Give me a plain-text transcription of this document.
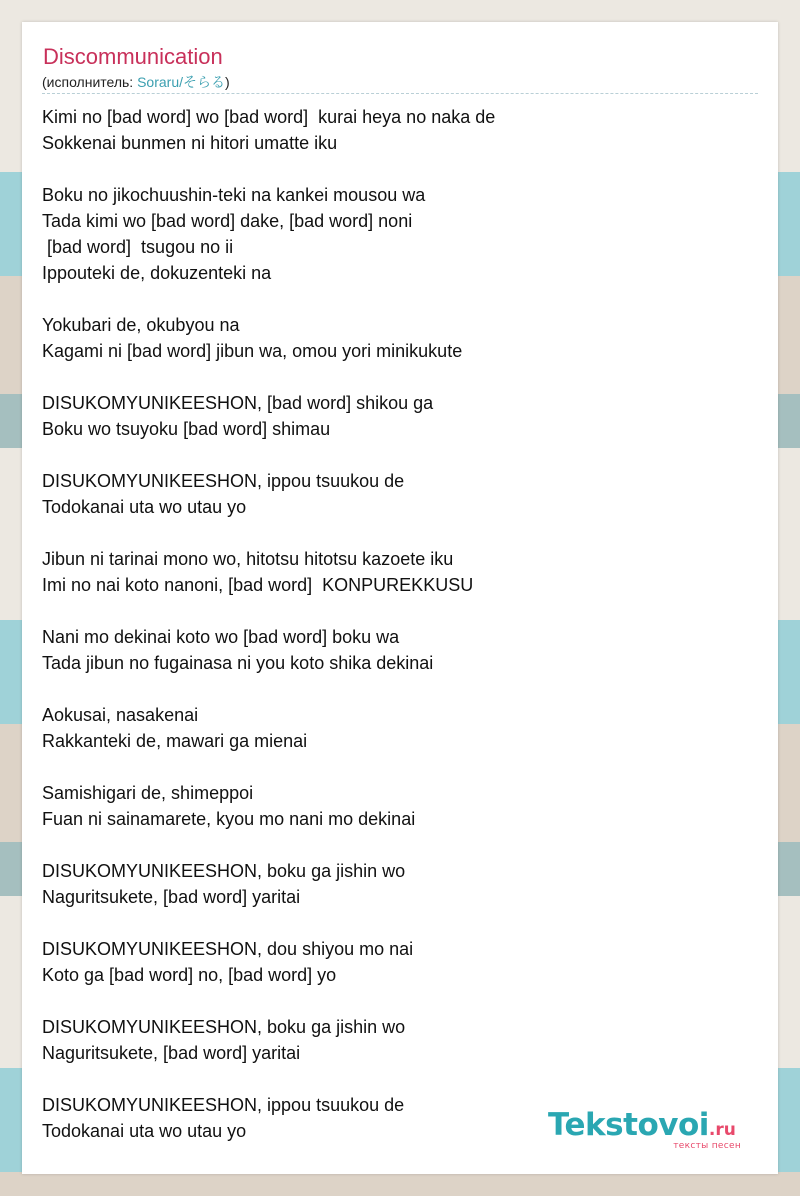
Discommunication
(исполнитель: Soraru/そらる)
Kimi no [bad word] wo [bad word]  kurai heya no naka de
Sokkenai bunmen ni hitori umatte iku
Boku no jikochuushin-teki na kankei mousou wa
Tada kimi wo [bad word] dake, [bad word] noni
[bad word]  tsugou no ii
Ippouteki de, dokuzenteki na
Yokubari de, okubyou na
Kagami ni [bad word] jibun wa, omou yori minikukute
DISUKOMYUNIKEESHON, [bad word] shikou ga
Boku wo tsuyoku [bad word] shimau
DISUKOMYUNIKEESHON, ippou tsuukou de
Todokanai uta wo utau yo
Jibun ni tarinai mono wo, hitotsu hitotsu kazoete iku
Imi no nai koto nanoni, [bad word]  KONPUREKKUSU
Nani mo dekinai koto wo [bad word] boku wa
Tada jibun no fugainasa ni you koto shika dekinai
Aokusai, nasakenai
Rakkanteki de, mawari ga mienai
Samishigari de, shimeppoi
Fuan ni sainamarete, kyou mo nani mo dekinai
DISUKOMYUNIKEESHON, boku ga jishin wo
Naguritsukete, [bad word] yaritai
DISUKOMYUNIKEESHON, dou shiyou mo nai
Koto ga [bad word] no, [bad word] yo
DISUKOMYUNIKEESHON, boku ga jishin wo
Naguritsukete, [bad word] yaritai
DISUKOMYUNIKEESHON, ippou tsuukou de
Todokanai uta wo utau yo	Tekstovoi.ru
тексты песен
